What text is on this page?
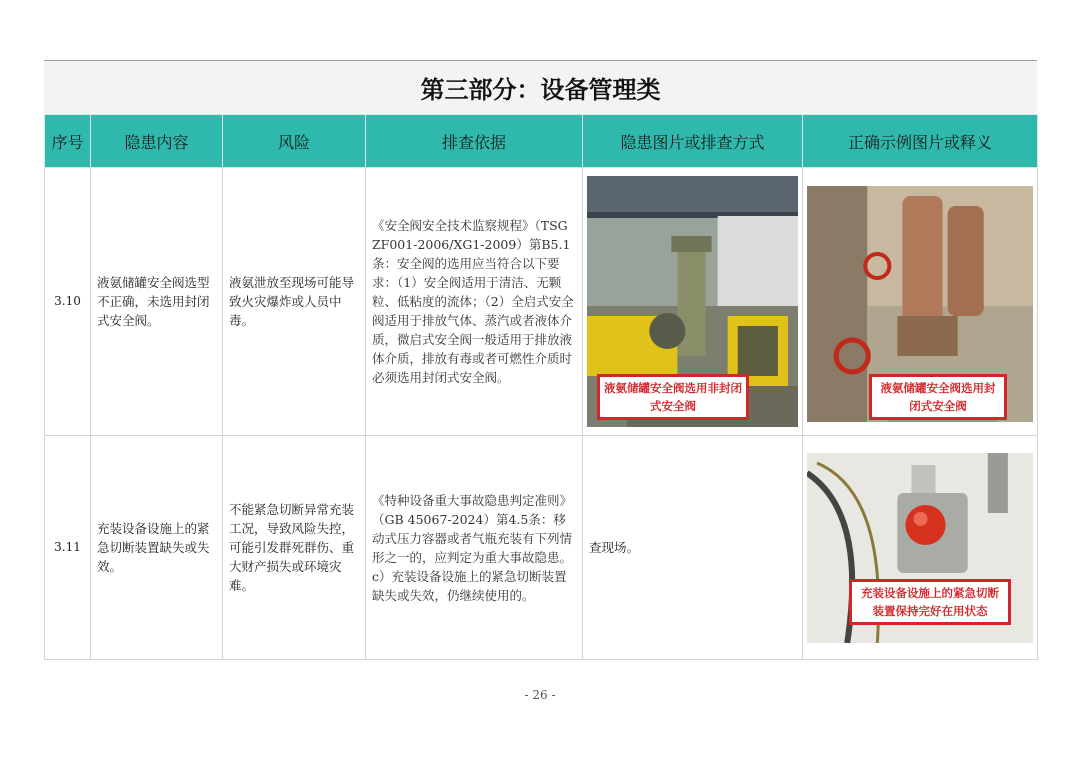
第三部分：设备管理类
序号	隐患内容	风险	排查依据	隐患图片或排查方式	正确示例图片或释义
3.10	液氨储罐安全阀选型不正确，未选用封闭式安全阀。	液氨泄放至现场可能导致火灾爆炸或人员中毒。	《安全阀安全技术监察规程》（TSG ZF001-2006/XG1-2009）第B5.1条：安全阀的选用应当符合以下要求：（1）安全阀适用于清洁、无颗粒、低粘度的流体；（2）全启式安全阀适用于排放气体、蒸汽或者液体介质，微启式安全阀一般适用于排放液体介质，排放有毒或者可燃性介质时必须选用封闭式安全阀。	液氨储罐安全阀选用非封闭式安全阀	液氨储罐安全阀选用封闭式安全阀

3.11	充装设备设施上的紧急切断装置缺失或失效。	不能紧急切断异常充装工况，导致风险失控，可能引发群死群伤、重大财产损失或环境灾难。	《特种设备重大事故隐患判定准则》（GB 45067-2024）第4.5条：移动式压力容器或者气瓶充装有下列情形之一的，应判定为重大事故隐患。c）充装设备设施上的紧急切断装置缺失或失效，仍继续使用的。	查现场。	充装设备设施上的紧急切断装置保持完好在用状态
- 26 -
